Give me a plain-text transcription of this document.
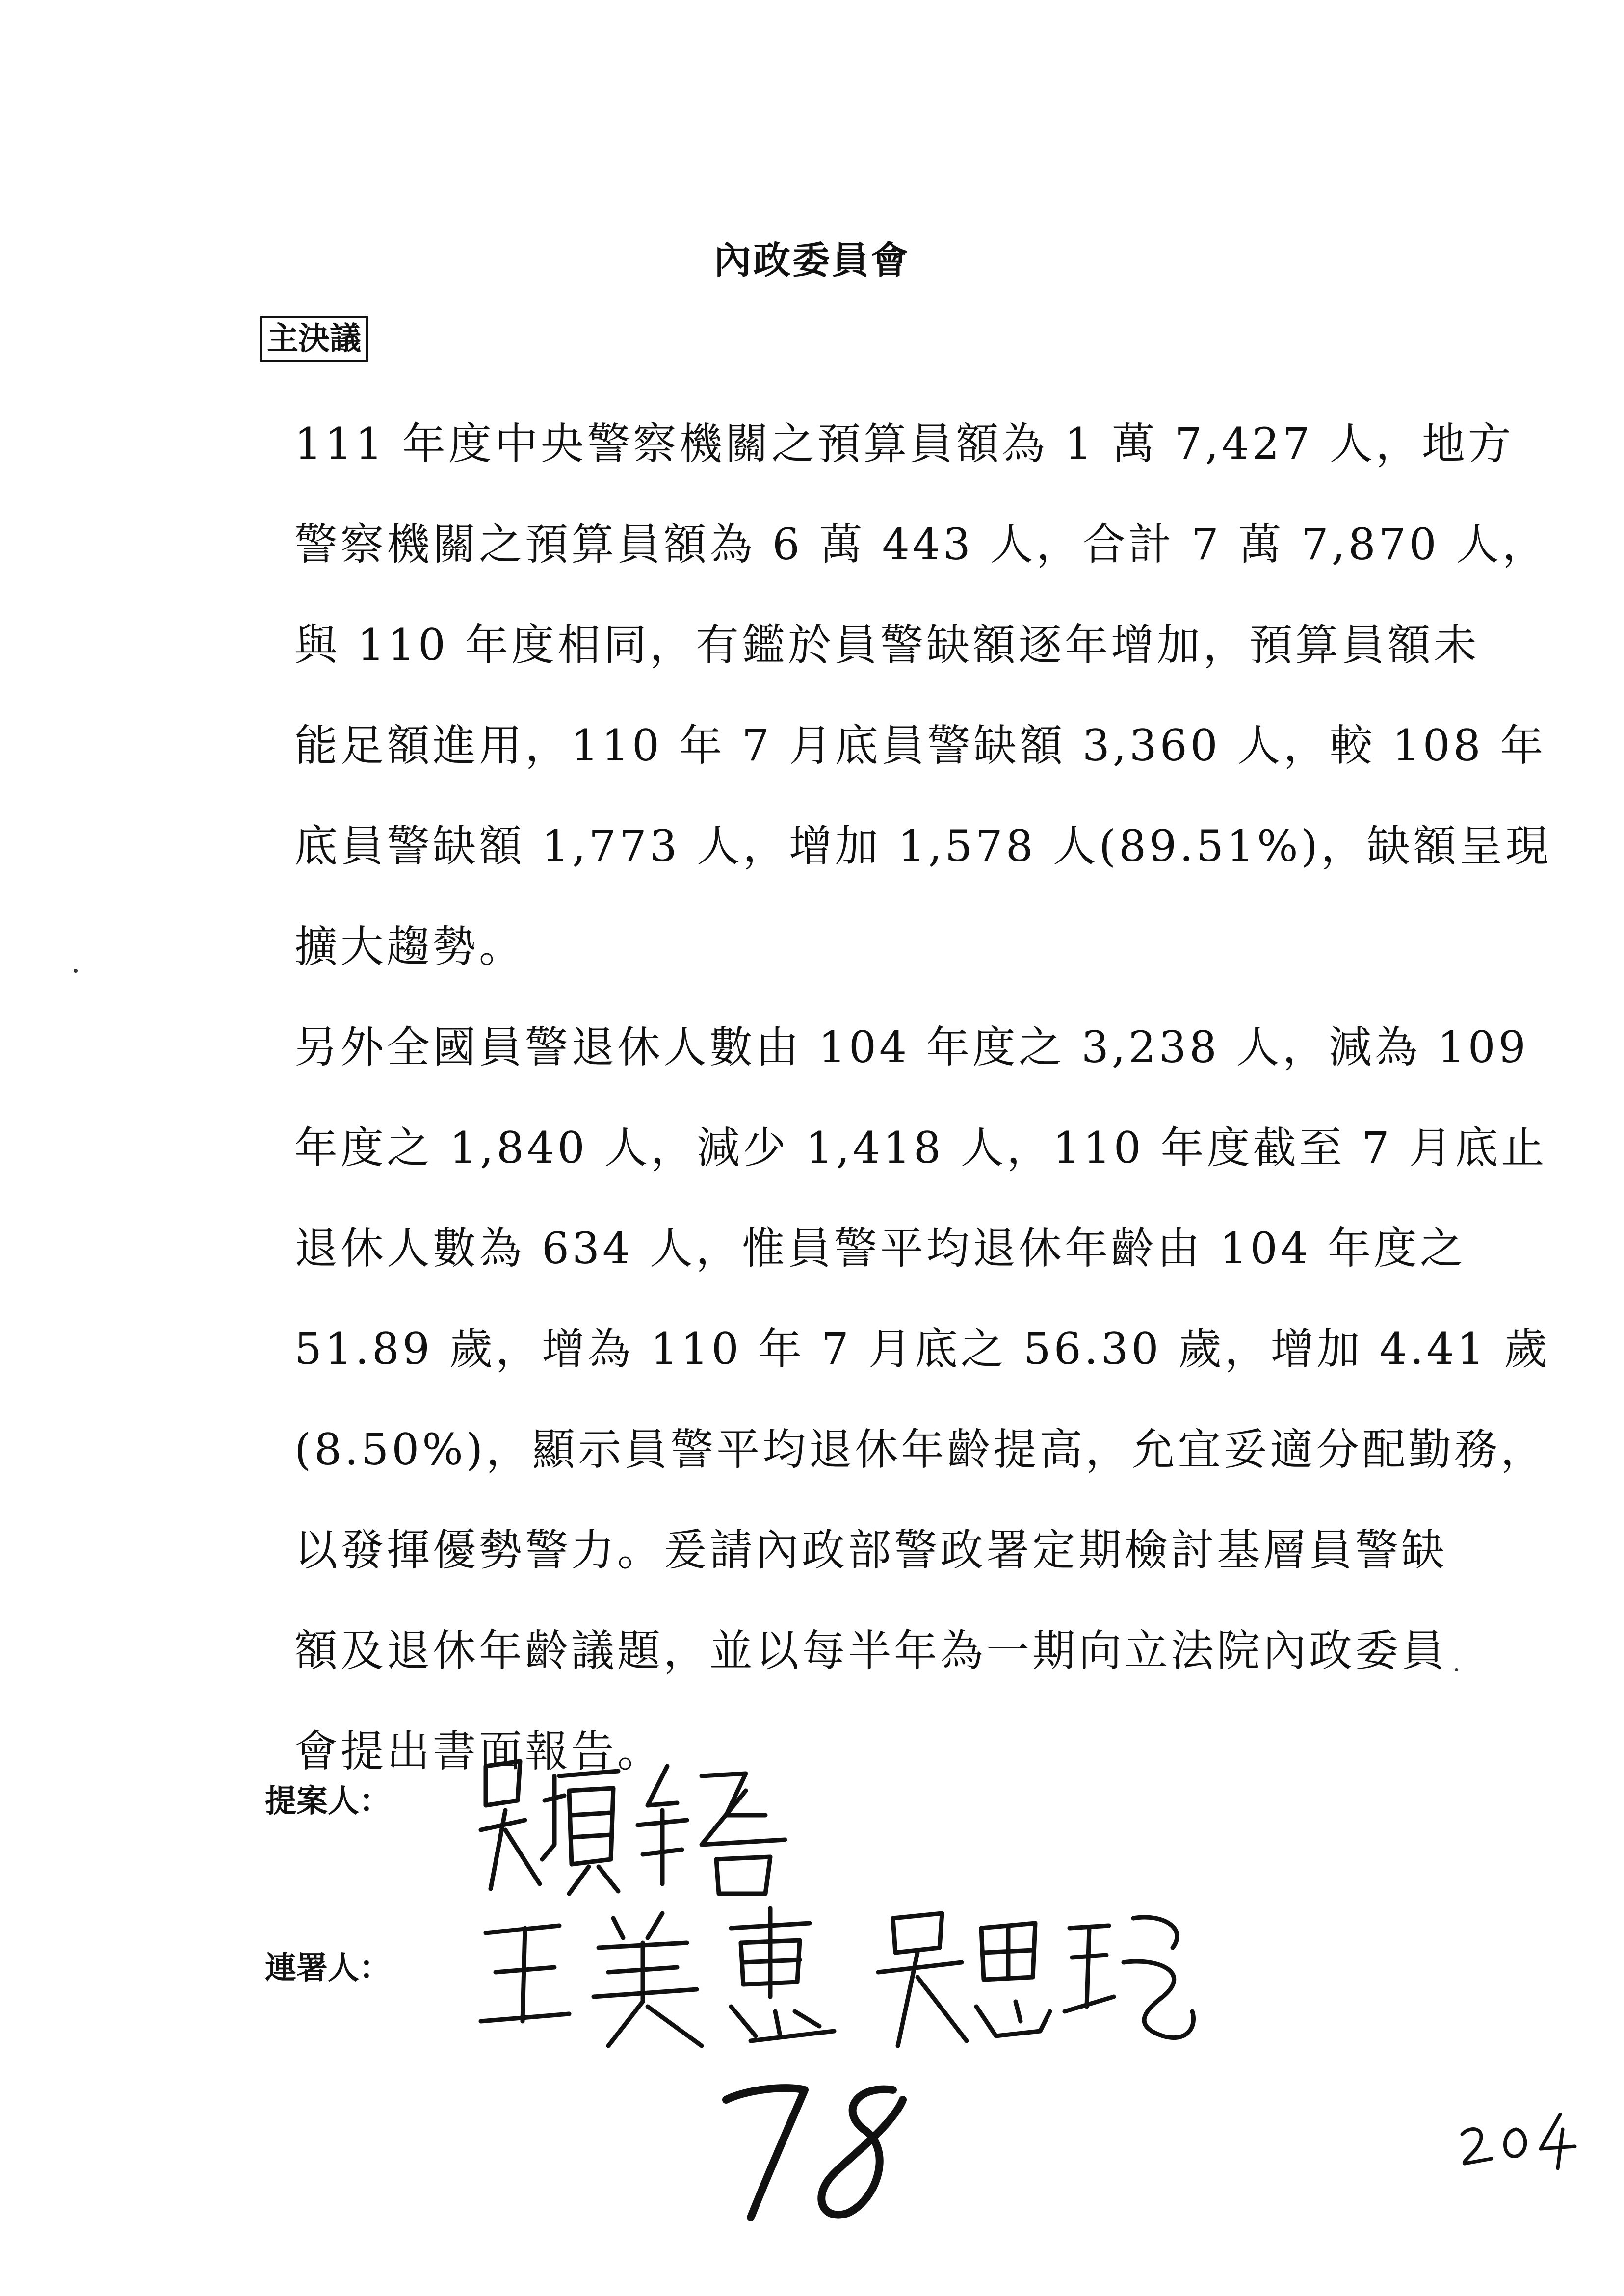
內政委員會
主決議
111 年度中央警察機關之預算員額為 1 萬 7,427 人，地方
警察機關之預算員額為 6 萬 443 人，合計 7 萬 7,870 人，
與 110 年度相同，有鑑於員警缺額逐年增加，預算員額未
能足額進用，110 年 7 月底員警缺額 3,360 人，較 108 年
底員警缺額 1,773 人，增加 1,578 人(89.51%)，缺額呈現
擴大趨勢。
另外全國員警退休人數由 104 年度之 3,238 人，減為 109
年度之 1,840 人，減少 1,418 人，110 年度截至 7 月底止
退休人數為 634 人，惟員警平均退休年齡由 104 年度之
51.89 歲，增為 110 年 7 月底之 56.30 歲，增加 4.41 歲
(8.50%)，顯示員警平均退休年齡提高，允宜妥適分配勤務，
以發揮優勢警力。爰請內政部警政署定期檢討基層員警缺
額及退休年齡議題，並以每半年為一期向立法院內政委員
會提出書面報告。
提案人：
連署人：
